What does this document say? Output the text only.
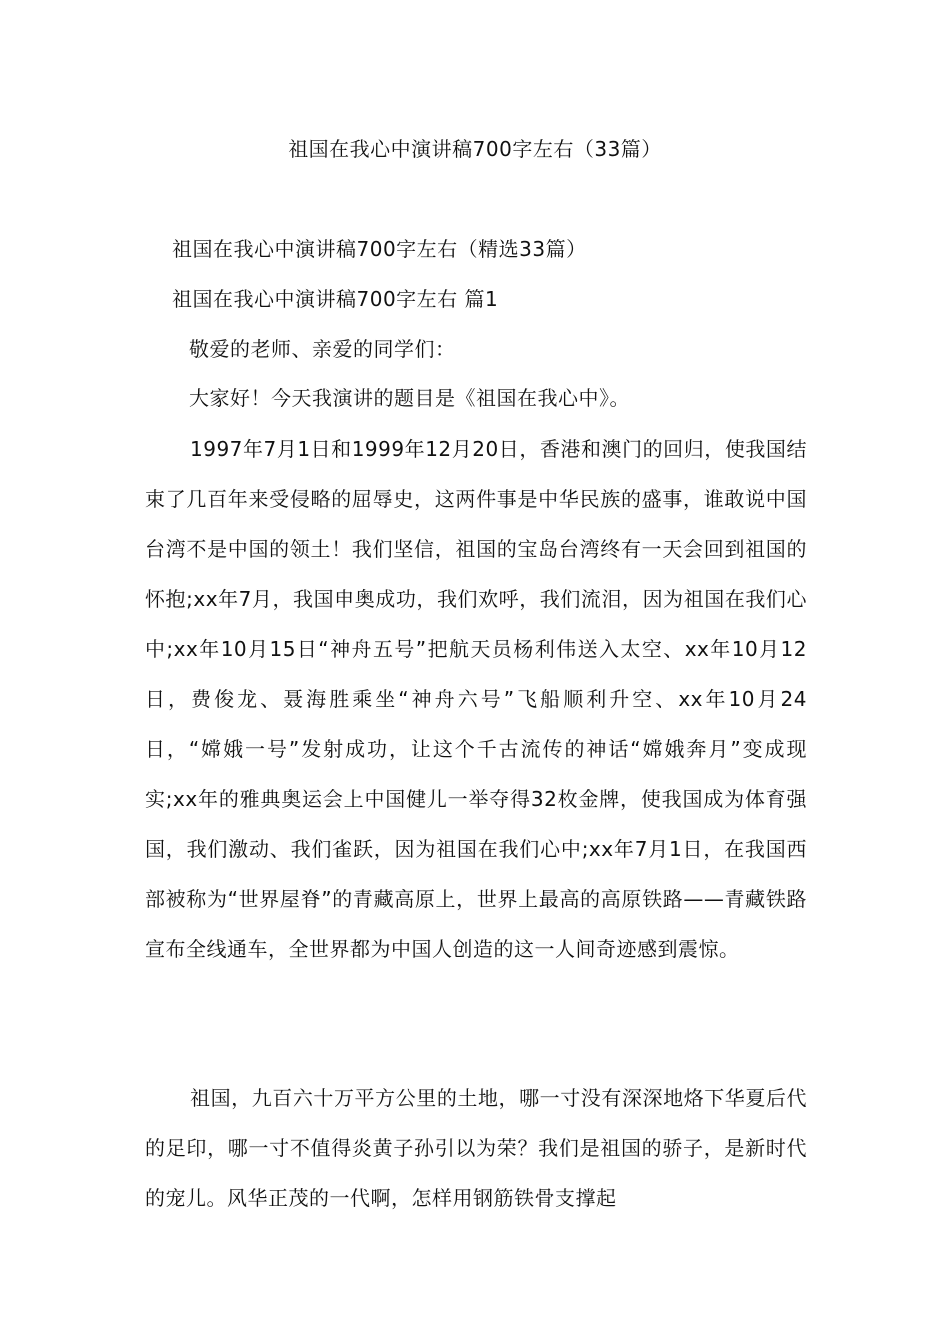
祖国在我心中演讲稿700字左右（33篇）

祖国在我心中演讲稿700字左右（精选33篇）

祖国在我心中演讲稿700字左右 篇1

敬爱的老师、亲爱的同学们：

大家好！今天我演讲的题目是《祖国在我心中》。

1997年7月1日和1999年12月20日，香港和澳门的回归，使我国结束了几百年来受侵略的屈辱史，这两件事是中华民族的盛事，谁敢说中国台湾不是中国的领土！我们坚信，祖国的宝岛台湾终有一天会回到祖国的怀抱;xx年7月，我国申奥成功，我们欢呼，我们流泪，因为祖国在我们心中;xx年10月15日“神舟五号”把航天员杨利伟送入太空、xx年10月12日，费俊龙、聂海胜乘坐“神舟六号”飞船顺利升空、xx年10月24日，“嫦娥一号”发射成功，让这个千古流传的神话“嫦娥奔月”变成现实;xx年的雅典奥运会上中国健儿一举夺得32枚金牌，使我国成为体育强国，我们激动、我们雀跃，因为祖国在我们心中;xx年7月1日，在我国西部被称为“世界屋脊”的青藏高原上，世界上最高的高原铁路——青藏铁路宣布全线通车，全世界都为中国人创造的这一人间奇迹感到震惊。

祖国，九百六十万平方公里的土地，哪一寸没有深深地烙下华夏后代的足印，哪一寸不值得炎黄子孙引以为荣？我们是祖国的骄子，是新时代的宠儿。风华正茂的一代啊，怎样用钢筋铁骨支撑起
